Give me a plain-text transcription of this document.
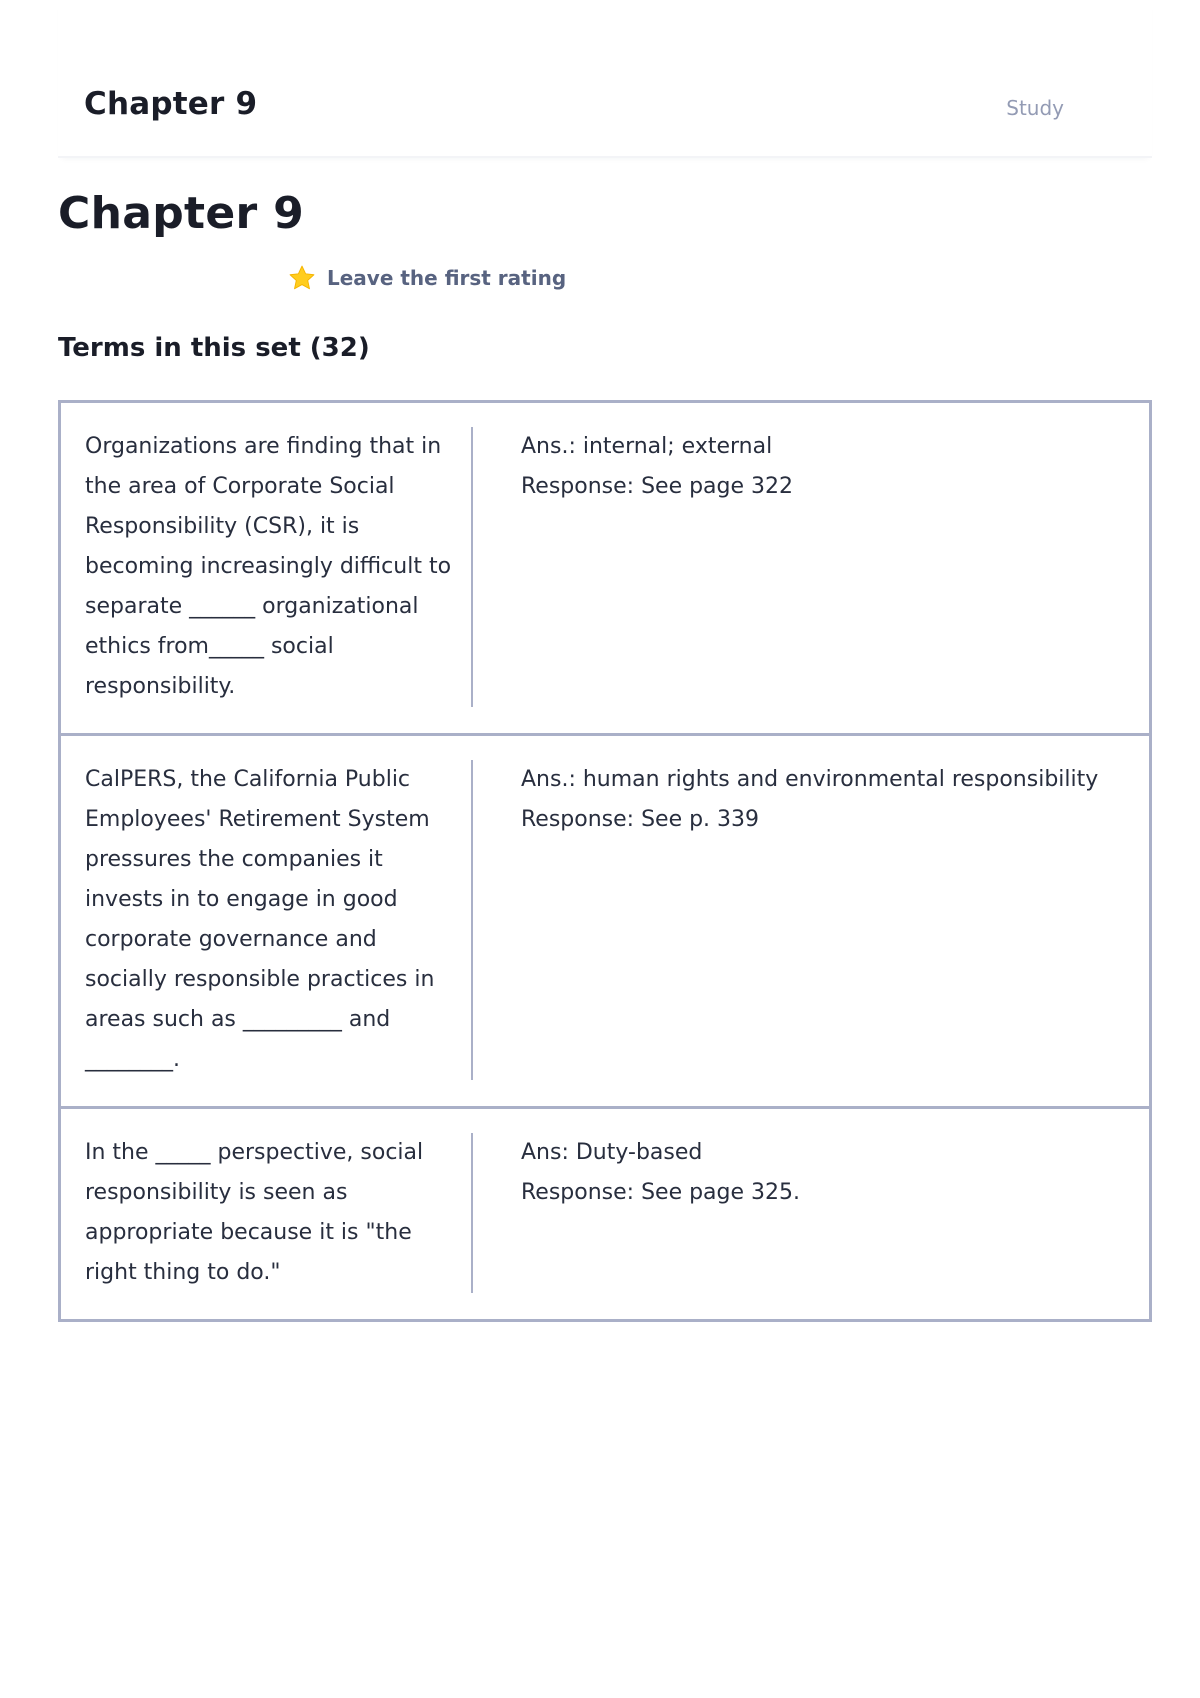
Chapter 9	Study
Chapter 9
Leave the first rating
Terms in this set (32)
Organizations are finding that in the area of Corporate Social Responsibility (CSR), it is becoming increasingly difficult to separate ______ organizational ethics from_____ social responsibility.
Ans.: internal; external
Response: See page 322
CalPERS, the California Public Employees' Retirement System pressures the companies it invests in to engage in good corporate governance and socially responsible practices in areas such as _________ and ________.
Ans.: human rights and environmental responsibility
Response: See p. 339
In the _____ perspective, social responsibility is seen as appropriate because it is "the right thing to do."
Ans: Duty-based
Response: See page 325.
